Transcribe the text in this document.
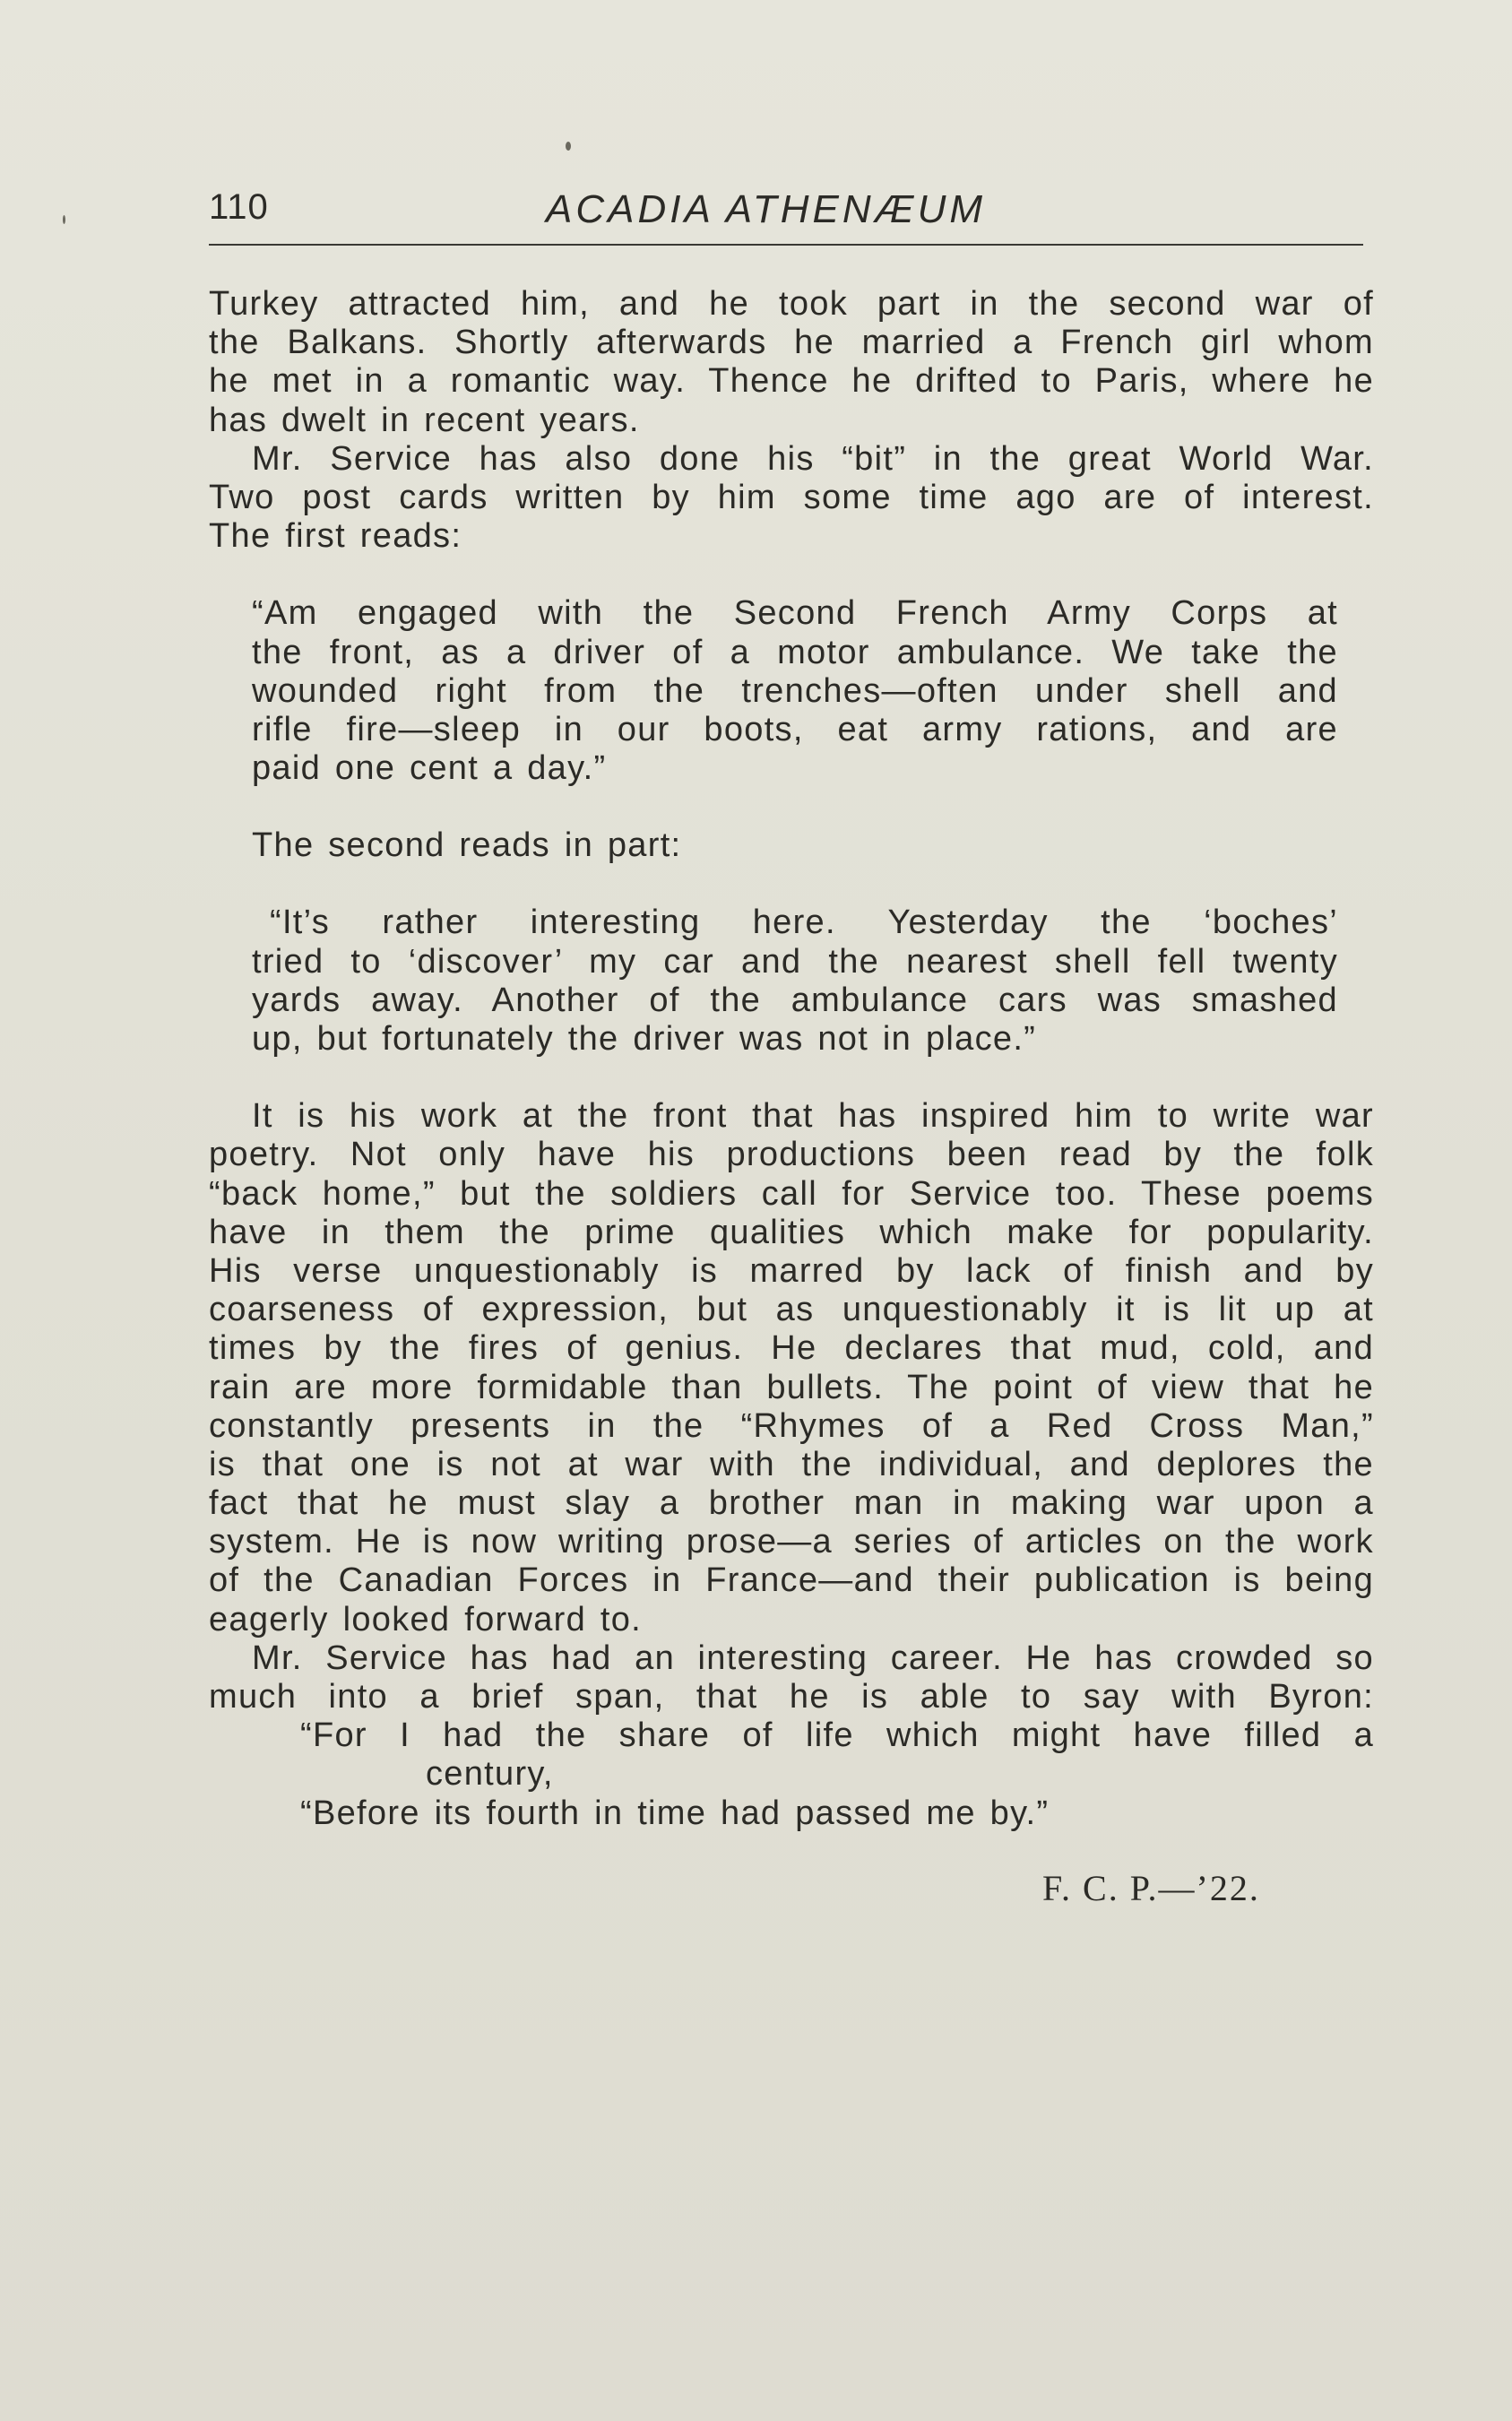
110	ACADIA ATHENÆUM
Turkey attracted him, and he took part in the second war of
the Balkans. Shortly afterwards he married a French girl whom
he met in a romantic way. Thence he drifted to Paris, where he
has dwelt in recent years.
Mr. Service has also done his “bit” in the great World War.
Two post cards written by him some time ago are of interest.
The first reads:
“Am engaged with the Second French Army Corps at
the front, as a driver of a motor ambulance. We take the
wounded right from the trenches—often under shell and
rifle fire—sleep in our boots, eat army rations, and are
paid one cent a day.”
The second reads in part:
“It’s rather interesting here. Yesterday the ‘boches’
tried to ‘discover’ my car and the nearest shell fell twenty
yards away. Another of the ambulance cars was smashed
up, but fortunately the driver was not in place.”
It is his work at the front that has inspired him to write war
poetry. Not only have his productions been read by the folk
“back home,” but the soldiers call for Service too. These poems
have in them the prime qualities which make for popularity.
His verse unquestionably is marred by lack of finish and by
coarseness of expression, but as unquestionably it is lit up at
times by the fires of genius. He declares that mud, cold, and
rain are more formidable than bullets. The point of view that he
constantly presents in the “Rhymes of a Red Cross Man,”
is that one is not at war with the individual, and deplores the
fact that he must slay a brother man in making war upon a
system. He is now writing prose—a series of articles on the work
of the Canadian Forces in France—and their publication is being
eagerly looked forward to.
Mr. Service has had an interesting career. He has crowded so
much into a brief span, that he is able to say with Byron:
“For I had the share of life which might have filled a
century,
“Before its fourth in time had passed me by.”
F. C. P.—’22.
